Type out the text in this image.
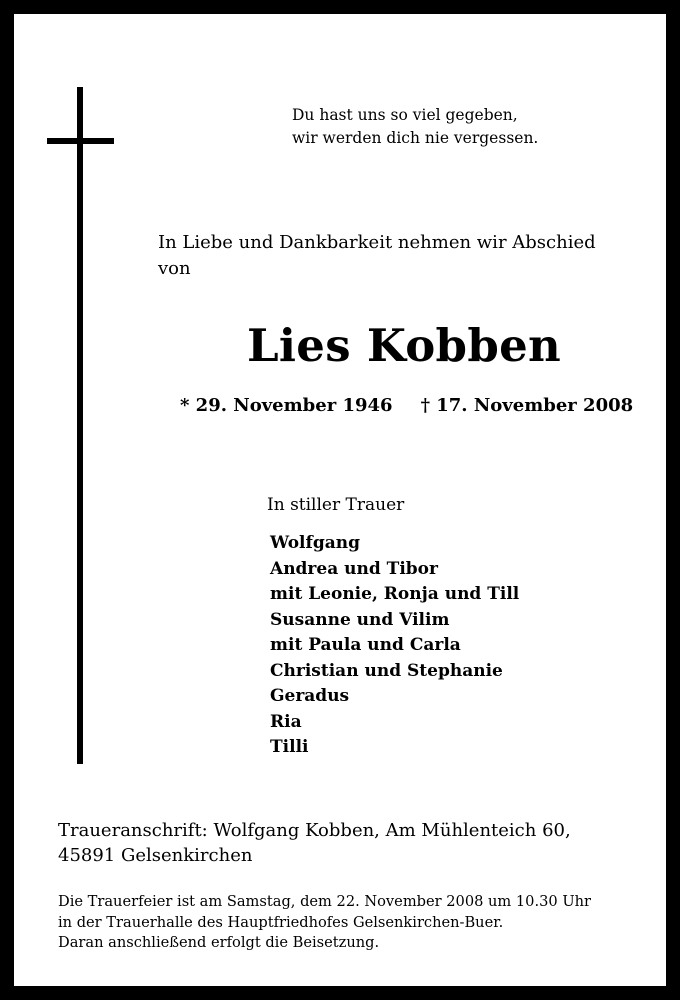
Du hast uns so viel gegeben,
wir werden dich nie vergessen.
In Liebe und Dankbarkeit nehmen wir Abschied
von
Lies Kobben
* 29. November 1946 † 17. November 2008
In stiller Trauer
Wolfgang
Andrea und Tibor
mit Leonie, Ronja und Till
Susanne und Vilim
mit Paula und Carla
Christian und Stephanie
Geradus
Ria
Tilli
Traueranschrift: Wolfgang Kobben, Am Mühlenteich 60,
45891 Gelsenkirchen
Die Trauerfeier ist am Samstag, dem 22. November 2008 um 10.30 Uhr
in der Trauerhalle des Hauptfriedhofes Gelsenkirchen-Buer.
Daran anschließend erfolgt die Beisetzung.
